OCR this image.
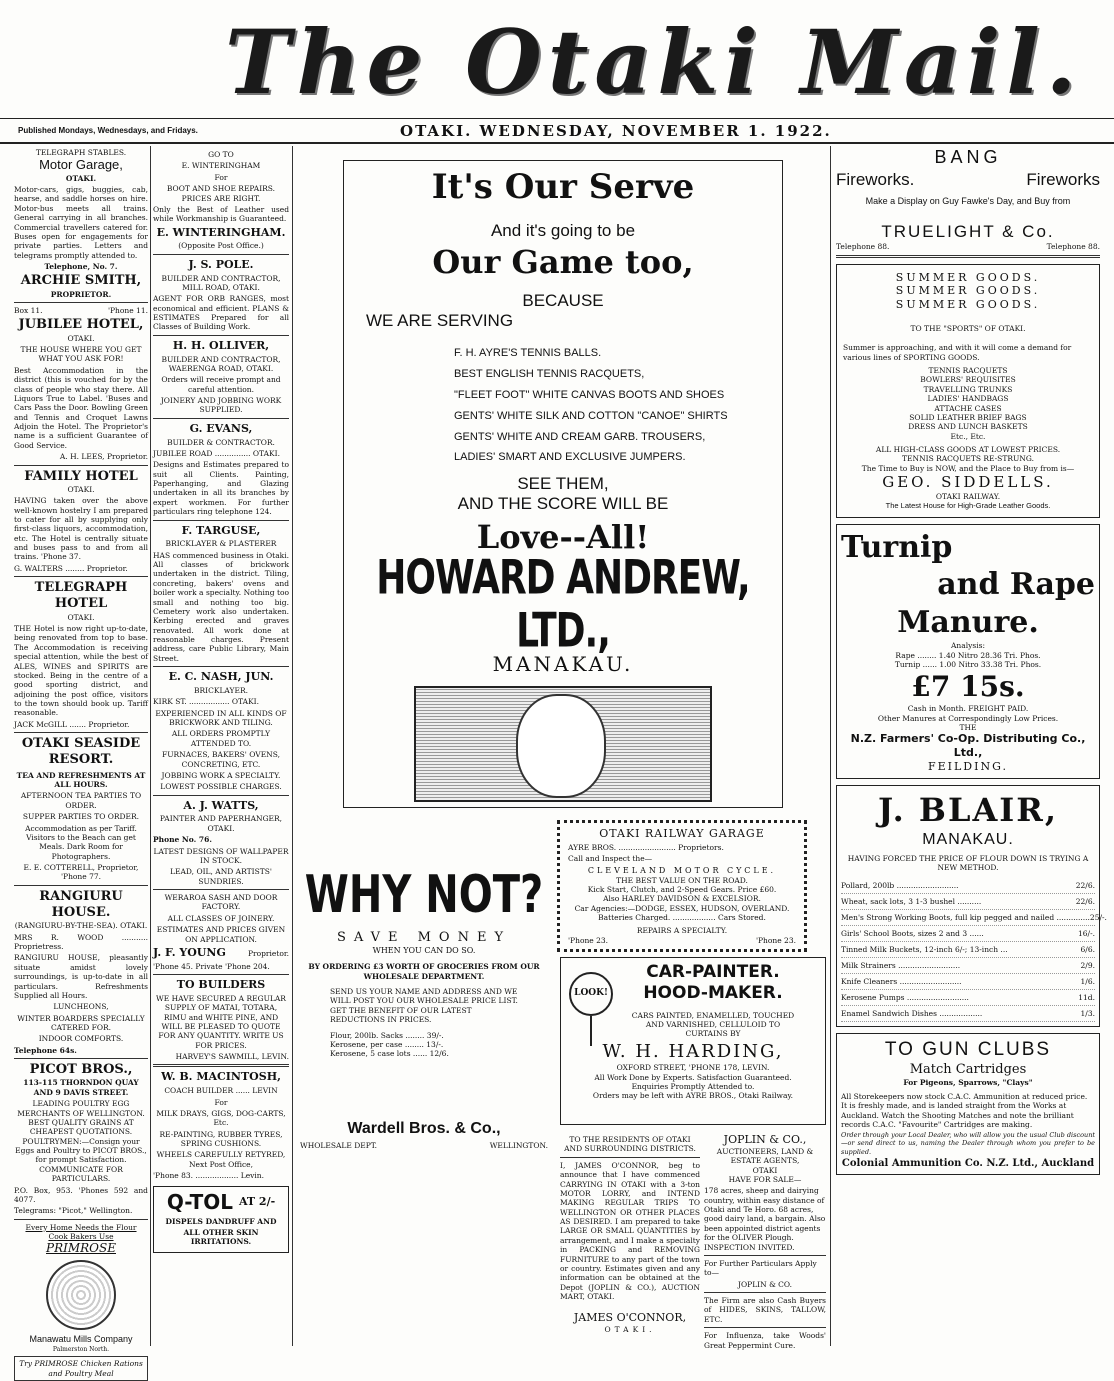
The Otaki Mail.
Published Mondays, Wednesdays, and Fridays.	OTAKI. WEDNESDAY, NOVEMBER 1. 1922.
TELEGRAPH STABLES.
Motor Garage,
OTAKI.

Motor-cars, gigs, buggies, cab, hearse, and saddle horses on hire. Motor-bus meets all trains. General carrying in all branches. Commercial travellers catered for. Buses open for engagements for private parties. Letters and telegrams promptly attended to.

Telephone, No. 7.

ARCHIE SMITH,
PROPRIETOR.
Box 11.	'Phone 11.
JUBILEE HOTEL,
OTAKI.

THE HOUSE WHERE YOU GET WHAT YOU ASK FOR!

Best Accommodation in the district (this is vouched for by the class of people who stay there. All Liquors True to Label. 'Buses and Cars Pass the Door. Bowling Green and Tennis and Croquet Lawns Adjoin the Hotel. The Proprietor's name is a sufficient Guarantee of Good Service.

A. H. LEES, Proprietor.

FAMILY HOTEL
OTAKI.

HAVING taken over the above well-known hostelry I am prepared to cater for all by supplying only first-class liquors, accommodation, etc. The Hotel is centrally situate and buses pass to and from all trains. 'Phone 37.

G. WALTERS ........ Proprietor.

TELEGRAPH HOTEL
OTAKI.

THE Hotel is now right up-to-date, being renovated from top to base. The Accommodation is receiving special attention, while the best of ALES, WINES and SPIRITS are stocked. Being in the centre of a good sporting district, and adjoining the post office, visitors to the town should book up. Tariff reasonable.

JACK McGILL ....... Proprietor.

OTAKI SEASIDE RESORT.

TEA AND REFRESHMENTS AT ALL HOURS.

AFTERNOON TEA PARTIES TO ORDER.

SUPPER PARTIES TO ORDER.

Accommodation as per Tariff. Visitors to the Beach can get Meals. Dark Room for Photographers.

E. E. COTTERELL, Proprietor, 'Phone 77.

RANGIURU HOUSE.
(RANGIURU-BY-THE-SEA). OTAKI.

MRS R. WOOD ........... Proprietress.

RANGIURU HOUSE, pleasantly situate amidst lovely surroundings, is up-to-date in all particulars. Refreshments Supplied all Hours.

LUNCHEONS,

WINTER BOARDERS SPECIALLY CATERED FOR.

INDOOR COMFORTS.

Telephone 64s.

PICOT BROS.,
113-115 THORNDON QUAY AND 9 DAVIS STREET.

LEADING POULTRY EGG MERCHANTS OF WELLINGTON. BEST QUALITY GRAINS AT CHEAPEST QUOTATIONS. POULTRYMEN:—Consign your Eggs and Poultry to PICOT BROS., for prompt Satisfaction. COMMUNICATE FOR PARTICULARS.

P.O. Box, 953. 'Phones 592 and 4077.

Telegrams: "Picot," Wellington.

Every Home Needs the Flour
Cook Bakers Use
PRIMROSE
Manawatu Mills Company
Palmerston North.
Try PRIMROSE Chicken Rations and Poultry Meal

GO TO

E. WINTERINGHAM

For

BOOT AND SHOE REPAIRS. PRICES ARE RIGHT.

Only the Best of Leather used while Workmanship is Guaranteed.

E. WINTERINGHAM.

(Opposite Post Office.)

J. S. POLE.

BUILDER AND CONTRACTOR, MILL ROAD, OTAKI.

AGENT FOR ORB RANGES, most economical and efficient. PLANS & ESTIMATES Prepared for all Classes of Building Work.

H. H. OLLIVER,

BUILDER AND CONTRACTOR, WAERENGA ROAD, OTAKI.

Orders will receive prompt and careful attention.

JOINERY AND JOBBING WORK SUPPLIED.

G. EVANS,

BUILDER & CONTRACTOR.

JUBILEE ROAD ............... OTAKI.

Designs and Estimates prepared to suit all Clients. Painting, Paperhanging, and Glazing undertaken in all its branches by expert workmen. For further particulars ring telephone 124.

F. TARGUSE,

BRICKLAYER & PLASTERER

HAS commenced business in Otaki. All classes of brickwork undertaken in the district. Tiling, concreting, bakers' ovens and boiler work a specialty. Nothing too small and nothing too big. Cemetery work also undertaken. Kerbing erected and graves renovated. All work done at reasonable charges. Present address, care Public Library, Main Street.

E. C. NASH, JUN.

BRICKLAYER.

KIRK ST. ................. OTAKI.

EXPERIENCED IN ALL KINDS OF BRICKWORK AND TILING.

ALL ORDERS PROMPTLY ATTENDED TO.

FURNACES, BAKERS' OVENS, CONCRETING, ETC.

JOBBING WORK A SPECIALTY.

LOWEST POSSIBLE CHARGES.

A. J. WATTS,

PAINTER AND PAPERHANGER, OTAKI.

Phone No. 76.

LATEST DESIGNS OF WALLPAPER IN STOCK.

LEAD, OIL, AND ARTISTS' SUNDRIES.

WERAROA SASH AND DOOR FACTORY.

ALL CLASSES OF JOINERY.

ESTIMATES AND PRICES GIVEN ON APPLICATION.

J. F. YOUNG	Proprietor.

'Phone 45. Private 'Phone 204.

TO BUILDERS

WE HAVE SECURED A REGULAR SUPPLY OF MATAI, TOTARA, RIMU and WHITE PINE, AND WILL BE PLEASED TO QUOTE FOR ANY QUANTITY. WRITE US FOR PRICES.

HARVEY'S SAWMILL, LEVIN.

W. B. MACINTOSH,

COACH BUILDER ...... LEVIN

For

MILK DRAYS, GIGS, DOG-CARTS, Etc.

RE-PAINTING, RUBBER TYRES, SPRING CUSHIONS.

WHEELS CAREFULLY RETYRED, Next Post Office,

'Phone 83. .................. Levin.

Q-TOL AT 2/-

DISPELS DANDRUFF AND

ALL OTHER SKIN IRRITATIONS.

It's Our Serve
And it's going to be
Our Game too,
BECAUSE
WE ARE SERVING
F. H. AYRE'S TENNIS BALLS.
BEST ENGLISH TENNIS RACQUETS,
"FLEET FOOT" WHITE CANVAS BOOTS AND SHOES
GENTS' WHITE SILK AND COTTON "CANOE" SHIRTS
GENTS' WHITE AND CREAM GARB. TROUSERS,
LADIES' SMART AND EXCLUSIVE JUMPERS.
SEE THEM,
AND THE SCORE WILL BE
Love--All!
HOWARD ANDREW, LTD.,
MANAKAU.
WHY NOT?
SAVE MONEY
WHEN YOU CAN DO SO.

BY ORDERING £3 WORTH OF GROCERIES FROM OUR WHOLESALE DEPARTMENT.

SEND US YOUR NAME AND ADDRESS AND WE WILL POST YOU OUR WHOLESALE PRICE LIST. GET THE BENEFIT OF OUR LATEST REDUCTIONS IN PRICES.

Flour, 200lb. Sacks ........ 39/-.
Kerosene, per case ........ 13/-.
Kerosene, 5 case lots ...... 12/6.
Wardell Bros. & Co.,
WHOLESALE DEPT.	WELLINGTON.
OTAKI RAILWAY GARAGE

AYRE BROS. ........................ Proprietors.

Call and Inspect the—

CLEVELAND MOTOR CYCLE.
THE BEST VALUE ON THE ROAD.
Kick Start, Clutch, and 2-Speed Gears. Price £60.
Also HARLEY DAVIDSON & EXCELSIOR.
Car Agencies:—DODGE, ESSEX, HUDSON, OVERLAND.
Batteries Charged. .................. Cars Stored.
REPAIRS A SPECIALTY.
'Phone 23.	'Phone 23.
LOOK!
CAR-PAINTER.
HOOD-MAKER.

CARS PAINTED, ENAMELLED, TOUCHED AND VARNISHED, CELLULOID TO CURTAINS BY

W. H. HARDING,
OXFORD STREET, 'PHONE 178, LEVIN.
All Work Done by Experts. Satisfaction Guaranteed.
Enquiries Promptly Attended to.
Orders may be left with AYRE BROS., Otaki Railway.

TO THE RESIDENTS OF OTAKI AND SURROUNDING DISTRICTS.

I, JAMES O'CONNOR, beg to announce that I have commenced CARRYING IN OTAKI with a 3-ton MOTOR LORRY, and INTEND MAKING REGULAR TRIPS TO WELLINGTON OR OTHER PLACES AS DESIRED. I am prepared to take LARGE OR SMALL QUANTITIES by arrangement, and I make a specialty in PACKING and REMOVING FURNITURE to any part of the town or country. Estimates given and any information can be obtained at the Depot (JOPLIN & CO.), AUCTION MART, OTAKI.

JAMES O'CONNOR,
OTAKI.
JOPLIN & CO.,
AUCTIONEERS, LAND & ESTATE AGENTS,
OTAKI
HAVE FOR SALE—

178 acres, sheep and dairying country, within easy distance of Otaki and Te Horo. 68 acres, good dairy land, a bargain. Also been appointed district agents for the OLIVER Plough. INSPECTION INVITED.

For Further Particulars Apply to—

JOPLIN & CO.

The Firm are also Cash Buyers of HIDES, SKINS, TALLOW, ETC.

For Influenza, take Woods' Great Peppermint Cure.

BANG
Fireworks.	Fireworks
Make a Display on Guy Fawke's Day, and Buy from
TRUELIGHT & Co.
Telephone 88.	Telephone 88.
SUMMER GOODS.
SUMMER GOODS.
SUMMER GOODS.
TO THE "SPORTS" OF OTAKI.

Summer is approaching, and with it will come a demand for various lines of SPORTING GOODS.

TENNIS RACQUETS
BOWLERS' REQUISITES
TRAVELLING TRUNKS
LADIES' HANDBAGS
ATTACHE CASES
SOLID LEATHER BRIEF BAGS
DRESS AND LUNCH BASKETS
Etc., Etc.
ALL HIGH-CLASS GOODS AT LOWEST PRICES.
TENNIS RACQUETS RE-STRUNG.
The Time to Buy is NOW, and the Place to Buy from is—
GEO. SIDDELLS.
OTAKI RAILWAY.
The Latest House for High-Grade Leather Goods.
Turnip
and Rape
Manure.
Analysis:
Rape ........ 1.40 Nitro 28.36 Tri. Phos.
Turnip ...... 1.00 Nitro 33.38 Tri. Phos.
£7 15s.
Cash in Month. FREIGHT PAID.
Other Manures at Correspondingly Low Prices.
THE
N.Z. Farmers' Co-Op. Distributing Co., Ltd.,
FEILDING.
J. BLAIR,
MANAKAU.
HAVING FORCED THE PRICE OF FLOUR DOWN IS TRYING A NEW METHOD.
Pollard, 200lb ..........................	22/6.
Wheat, sack lots, 3 1-3 bushel ..........	22/6.
Men's Strong Working Boots, full kip pegged and nailed .............. 25/-.
Girls' School Boots, sizes 2 and 3 ......	16/-.
Tinned Milk Buckets, 12-inch 6/-; 13-inch ...	6/6.
Milk Strainers ..........................	2/9.
Knife Cleaners ..........................	1/6.
Kerosene Pumps ..........................	11d.
Enamel Sandwich Dishes ..................	1/3.
TO GUN CLUBS
Match Cartridges
For Pigeons, Sparrows, "Clays"

All Storekeepers now stock C.A.C. Ammunition at reduced price. It is freshly made, and is landed straight from the Works at Auckland. Watch the Shooting Matches and note the brilliant records C.A.C. "Favourite" Cartridges are making.

Order through your Local Dealer, who will allow you the usual Club discount—or send direct to us, naming the Dealer through whom you prefer to be supplied.

Colonial Ammunition Co. N.Z. Ltd., Auckland
